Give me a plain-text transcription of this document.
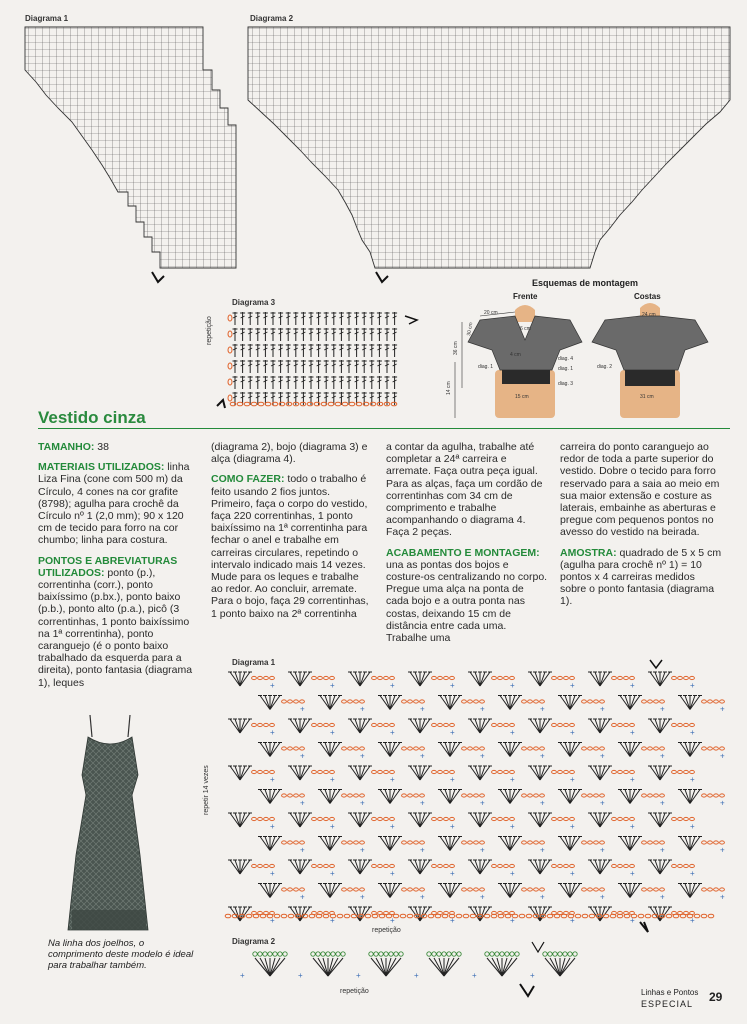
Diagrama 1	Diagrama 2
Diagrama 3
repetição
Esquemas de montagem
Frente	Costas
20 cm
6 cm
36 cm
14 cm
30 cm
15 cm
24 cm
31 cm
4 cm
diag. 4
diag. 1
diag. 3
diag. 1	diag. 2
Vestido cinza

TAMANHO: 38

MATERIAIS UTILIZADOS: linha Liza Fina (cone com 500 m) da Círculo, 4 cones na cor grafite (8798); agulha para crochê da Círculo nº 1 (2,0 mm); 90 x 120 cm de tecido para forro na cor chumbo; linha para costura.

PONTOS E ABREVIATURAS UTILIZADOS: ponto (p.), correntinha (corr.), ponto baixíssimo (p.bx.), ponto baixo (p.b.), ponto alto (p.a.), picô (3 correntinhas, 1 ponto baixíssimo na 1ª correntinha), ponto caranguejo (é o ponto baixo trabalhado da esquerda para a direita), ponto fantasia (diagrama 1), leques

(diagrama 2), bojo (diagrama 3) e alça (diagrama 4).

COMO FAZER: todo o trabalho é feito usando 2 fios juntos. Primeiro, faça o corpo do vestido, faça 220 correntinhas, 1 ponto baixíssimo na 1ª correntinha para fechar o anel e trabalhe em carreiras circulares, repetindo o intervalo indicado mais 14 vezes. Mude para os leques e trabalhe ao redor. Ao concluir, arremate. Para o bojo, faça 29 correntinhas, 1 ponto baixo na 2ª correntinha

a contar da agulha, trabalhe até completar a 24ª carreira e arremate. Faça outra peça igual. Para as alças, faça um cordão de correntinhas com 34 cm de comprimento e trabalhe acompanhando o diagrama 4. Faça 2 peças.

ACABAMENTO E MONTAGEM: una as pontas dos bojos e costure-os centralizando no corpo. Pregue uma alça na ponta de cada bojo e a outra ponta nas costas, deixando 15 cm de distância entre cada uma. Trabalhe uma

carreira do ponto caranguejo ao redor de toda a parte superior do vestido. Dobre o tecido para forro reservado para a saia ao meio em sua maior extensão e costure as laterais, embainhe as aberturas e pregue com pequenos pontos no avesso do vestido na beirada.

AMOSTRA: quadrado de 5 x 5 cm (agulha para crochê nº 1) = 10 pontos x 4 carreiras medidos sobre o ponto fantasia (diagrama 1).

Na linha dos joelhos, o comprimento deste modelo é ideal para trabalhar também.
Diagrama 1
repetir 14 vezes
+	+	+	+	+	+	+	+
+	+	+	+	+	+	+	+
+	+	+	+	+	+	+	+
+	+	+	+	+	+	+	+
+	+	+	+	+	+	+	+
+	+	+	+	+	+	+	+
+	+	+	+	+	+	+	+
+	+	+	+	+	+	+	+
+	+	+	+	+	+	+	+
+	+	+	+	+	+	+	+
+	+	+	+	+	+	+	+
repetição
Diagrama 2
+	+	+	+	+	+
repetição	Linhas e Pontos
ESPECIAL 29
